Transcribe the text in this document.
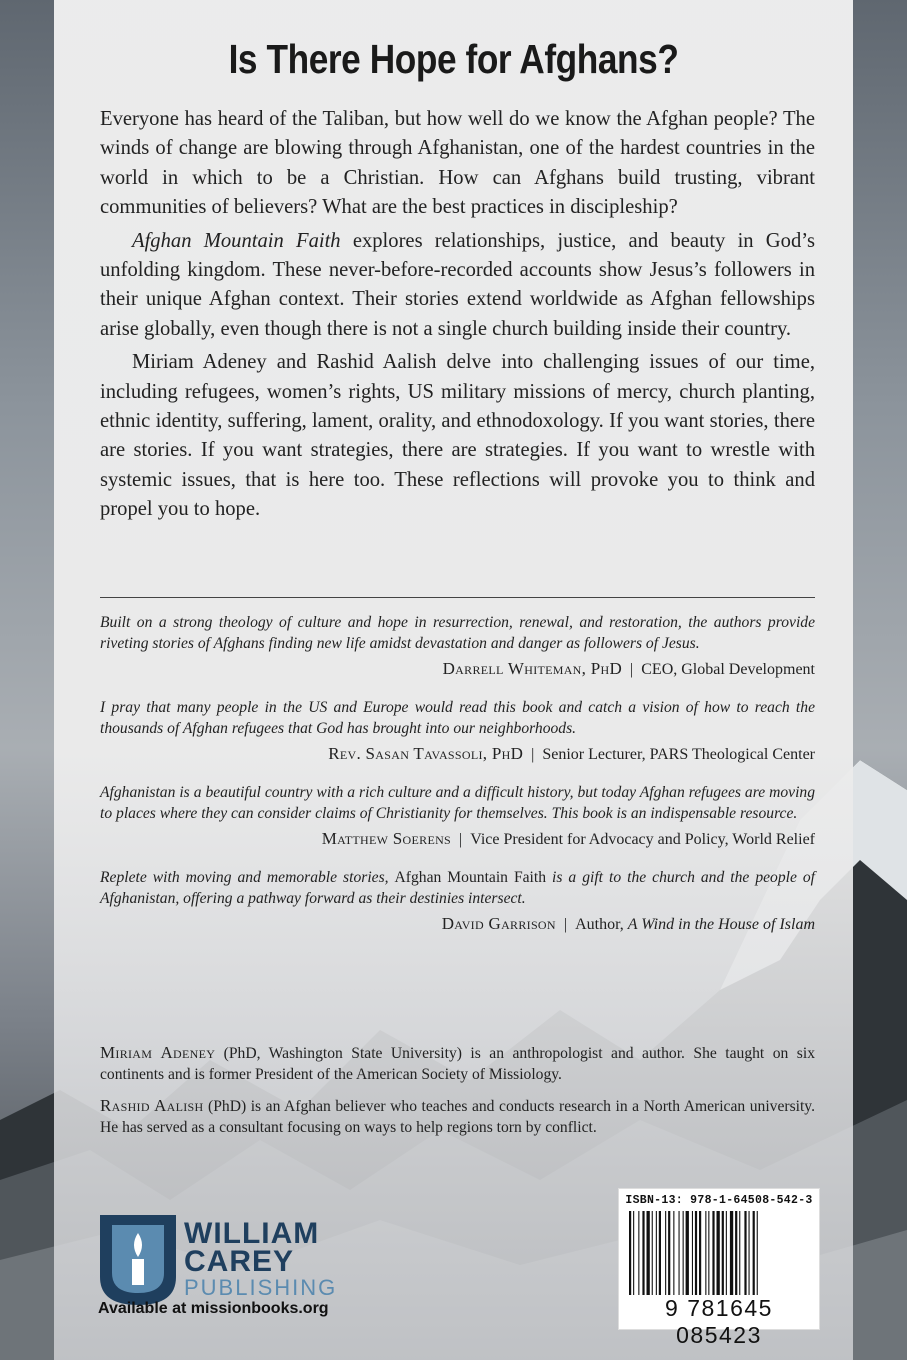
Is There Hope for Afghans?

Everyone has heard of the Taliban, but how well do we know the Afghan people? The winds of change are blowing through Afghanistan, one of the hardest countries in the world in which to be a Christian. How can Afghans build trusting, vibrant communities of believers? What are the best practices in discipleship?

Afghan Mountain Faith explores relationships, justice, and beauty in God’s unfolding kingdom. These never-before-recorded accounts show Jesus’s followers in their unique Afghan context. Their stories extend worldwide as Afghan fellowships arise globally, even though there is not a single church building inside their country.

Miriam Adeney and Rashid Aalish delve into challenging issues of our time, including refugees, women’s rights, US military missions of mercy, church planting, ethnic identity, suffering, lament, orality, and ethnodoxology. If you want stories, there are stories. If you want strategies, there are strategies. If you want to wrestle with systemic issues, that is here too. These reflections will provoke you to think and propel you to hope.

Built on a strong theology of culture and hope in resurrection, renewal, and restoration, the authors provide riveting stories of Afghans finding new life amidst devastation and danger as followers of Jesus.
Darrell Whiteman, PhD | CEO, Global Development
I pray that many people in the US and Europe would read this book and catch a vision of how to reach the thousands of Afghan refugees that God has brought into our neighborhoods.
Rev. Sasan Tavassoli, PhD | Senior Lecturer, PARS Theological Center
Afghanistan is a beautiful country with a rich culture and a difficult history, but today Afghan refugees are moving to places where they can consider claims of Christianity for themselves. This book is an indispensable resource.
Matthew Soerens | Vice President for Advocacy and Policy, World Relief
Replete with moving and memorable stories, Afghan Mountain Faith is a gift to the church and the people of Afghanistan, offering a pathway forward as their destinies intersect.
David Garrison | Author, A Wind in the House of Islam

Miriam Adeney (PhD, Washington State University) is an anthropologist and author. She taught on six continents and is former President of the American Society of Missiology.

Rashid Aalish (PhD) is an Afghan believer who teaches and conducts research in a North American university. He has served as a consultant focusing on ways to help regions torn by conflict.

WILLIAM
CAREY
PUBLISHING
Available at missionbooks.org
ISBN-13: 978-1-64508-542-3
9 781645 085423
